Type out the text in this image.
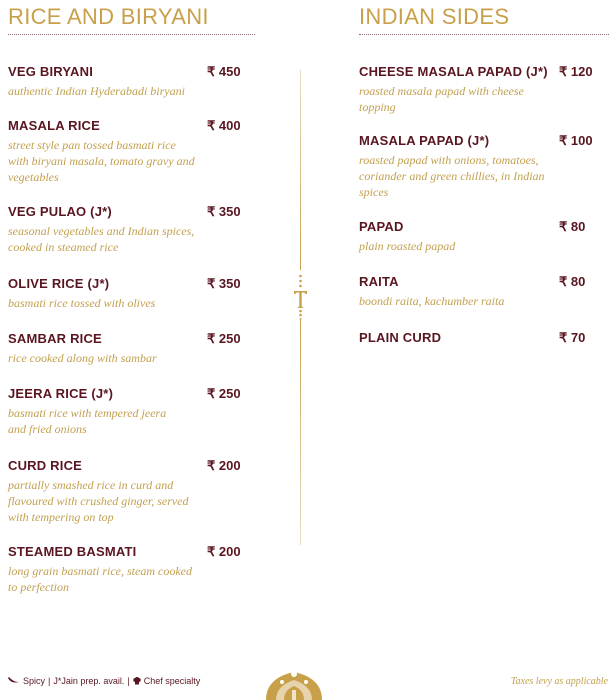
RICE AND BIRYANI
VEG BIRYANI	₹ 450
authentic Indian Hyderabadi biryani
MASALA RICE	₹ 400
street style pan tossed basmati rice with biryani masala, tomato gravy and vegetables
VEG PULAO (J*)	₹ 350
seasonal vegetables and Indian spices, cooked in steamed rice
OLIVE RICE (J*)	₹ 350
basmati rice tossed with olives
SAMBAR RICE	₹ 250
rice cooked along with sambar
JEERA RICE (J*)	₹ 250
basmati rice with tempered jeera and fried onions
CURD RICE	₹ 200
partially smashed rice in curd and flavoured with crushed ginger, served with tempering on top
STEAMED BASMATI	₹ 200
long grain basmati rice, steam cooked to perfection
INDIAN SIDES
CHEESE MASALA PAPAD (J*) ₹ 120
roasted masala papad with cheese topping
MASALA PAPAD (J*)	₹ 100
roasted papad with onions, tomatoes, coriander and green chillies, in Indian spices
PAPAD	₹ 80
plain roasted papad
RAITA	₹ 80
boondi raita, kachumber raita
PLAIN CURD	₹ 70
Spicy | J*Jain prep. avail. | Chef specialty	Taxes levy as applicable
